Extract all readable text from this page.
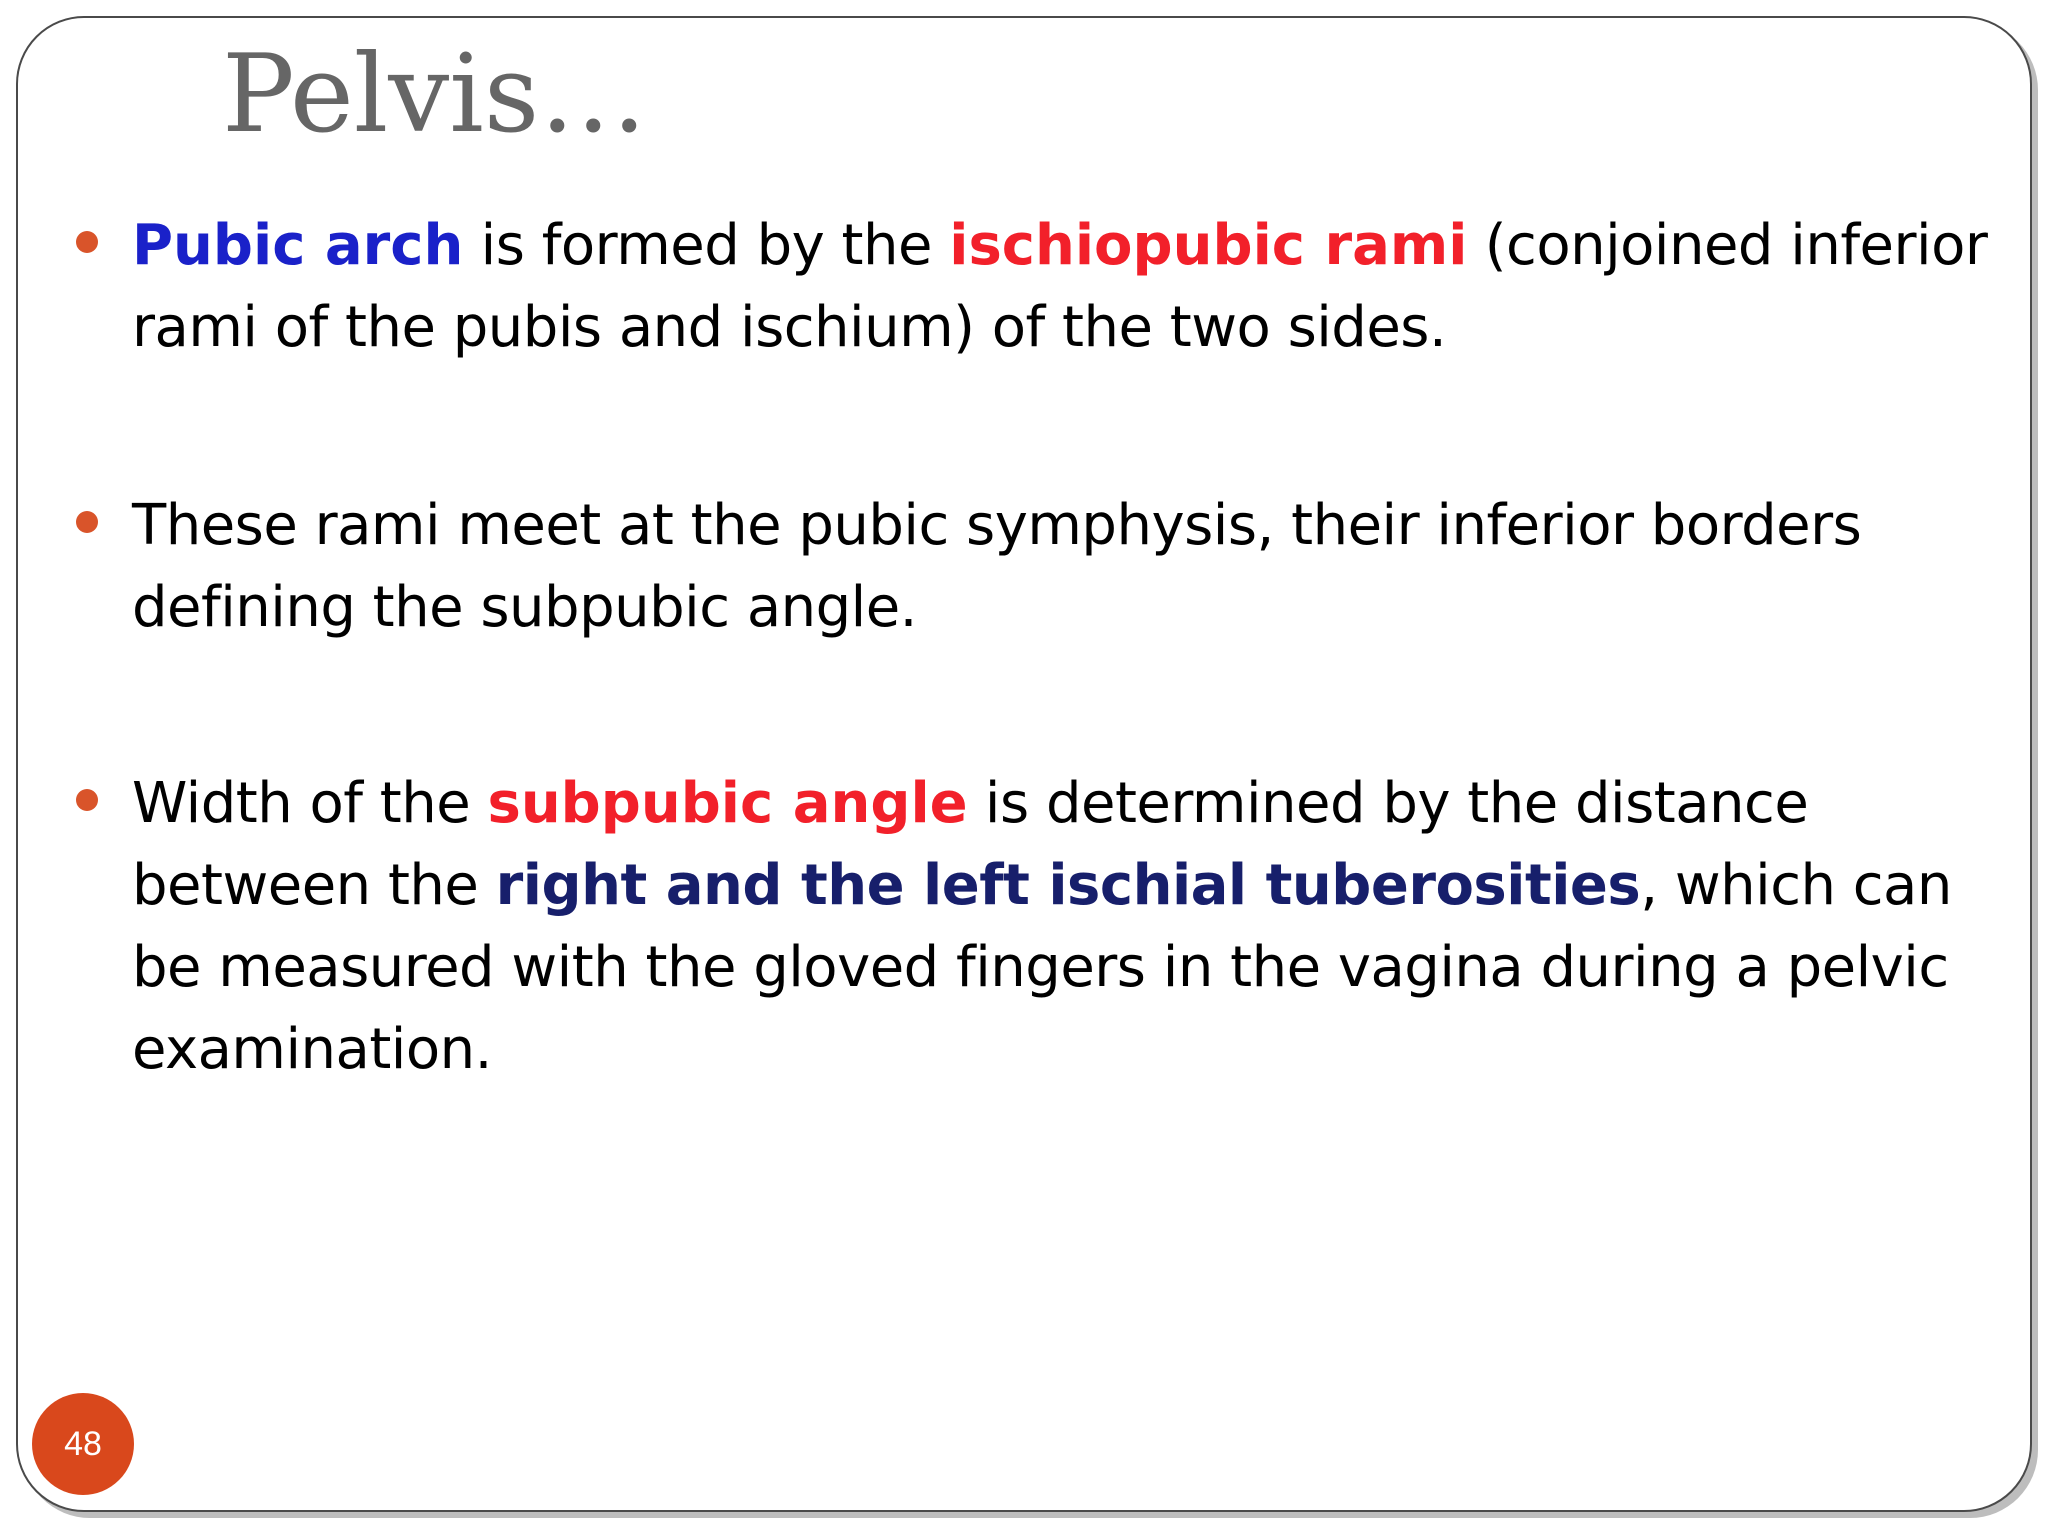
Pelvis…
Pubic arch is formed by the ischiopubic rami (conjoined inferior rami of the pubis and ischium) of the two sides.
These rami meet at the pubic symphysis, their inferior borders defining the subpubic angle.
Width of the subpubic angle is determined by the distance between the right and the left ischial tuberosities, which can be measured with the gloved fingers in the vagina during a pelvic examination.
48
